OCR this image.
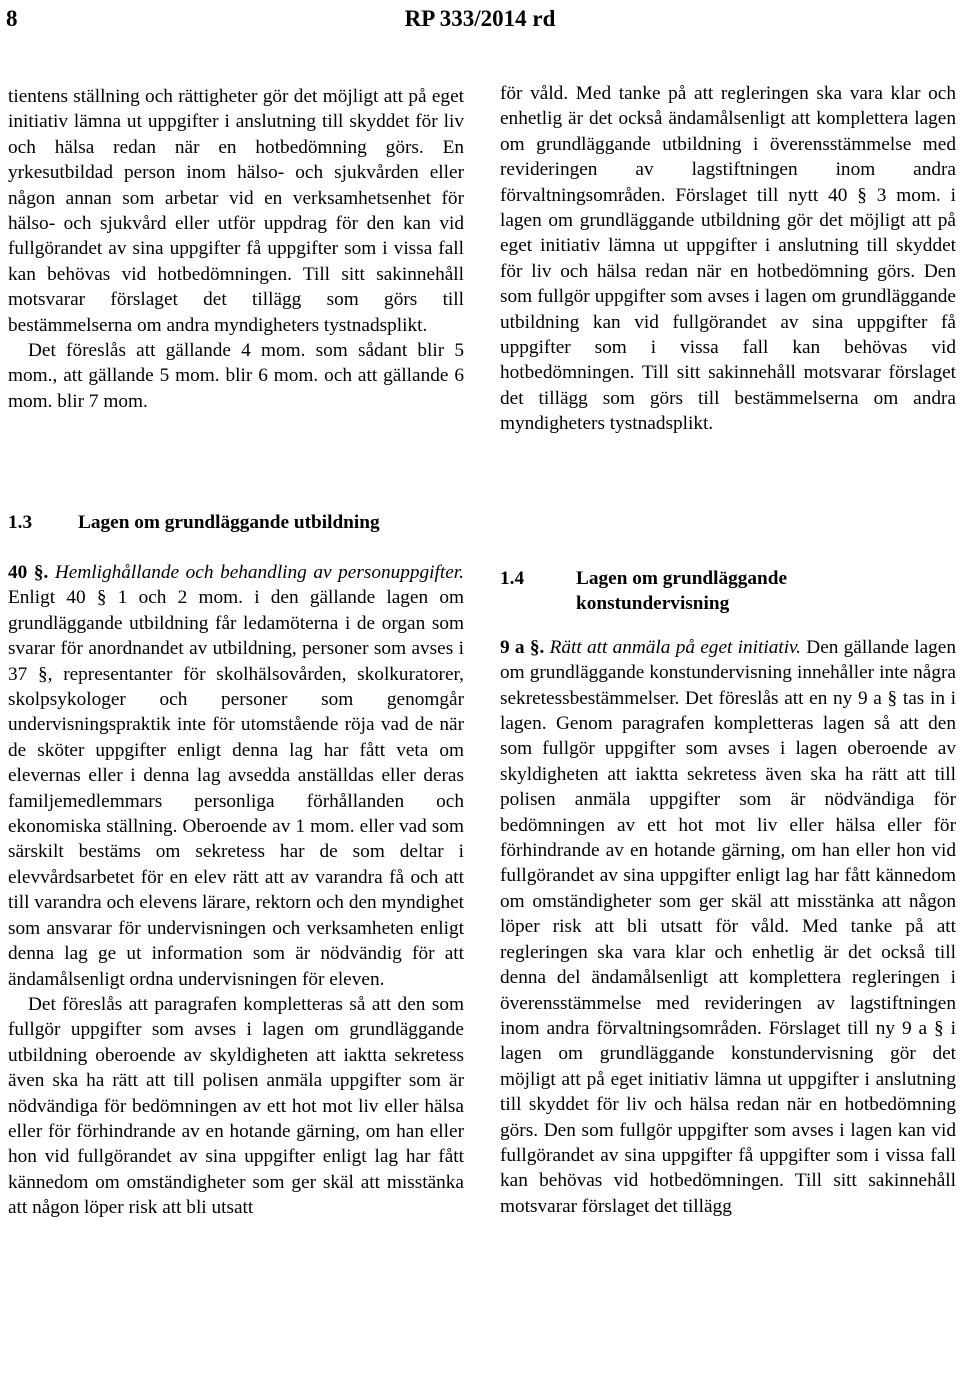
8	RP 333/2014 rd

tientens ställning och rättigheter gör det möjligt att på eget initiativ lämna ut uppgifter i anslutning till skyddet för liv och hälsa redan när en hotbedömning görs. En yrkesutbildad person inom hälso- och sjukvården eller någon annan som arbetar vid en verksamhetsenhet för hälso- och sjukvård eller utför uppdrag för den kan vid fullgörandet av sina uppgifter få uppgifter som i vissa fall kan behövas vid hotbedömningen. Till sitt sakinnehåll motsvarar förslaget det tillägg som görs till bestämmelserna om andra myndigheters tystnadsplikt.

Det föreslås att gällande 4 mom. som sådant blir 5 mom., att gällande 5 mom. blir 6 mom. och att gällande 6 mom. blir 7 mom.

1.3 Lagen om grundläggande utbildning

40 §. Hemlighållande och behandling av personuppgifter. Enligt 40 § 1 och 2 mom. i den gällande lagen om grundläggande utbildning får ledamöterna i de organ som svarar för anordnandet av utbildning, personer som avses i 37 §, representanter för skolhälsovården, skolkuratorer, skolpsykologer och personer som genomgår undervisningspraktik inte för utomstående röja vad de när de sköter uppgifter enligt denna lag har fått veta om elevernas eller i denna lag avsedda anställdas eller deras familjemedlemmars personliga förhållanden och ekonomiska ställning. Oberoende av 1 mom. eller vad som särskilt bestäms om sekretess har de som deltar i elevvårdsarbetet för en elev rätt att av varandra få och att till varandra och elevens lärare, rektorn och den myndighet som ansvarar för undervisningen och verksamheten enligt denna lag ge ut information som är nödvändig för att ändamålsenligt ordna undervisningen för eleven.

Det föreslås att paragrafen kompletteras så att den som fullgör uppgifter som avses i lagen om grundläggande utbildning oberoende av skyldigheten att iaktta sekretess även ska ha rätt att till polisen anmäla uppgifter som är nödvändiga för bedömningen av ett hot mot liv eller hälsa eller för förhindrande av en hotande gärning, om han eller hon vid fullgörandet av sina uppgifter enligt lag har fått kännedom om omständigheter som ger skäl att misstänka att någon löper risk att bli utsatt

för våld. Med tanke på att regleringen ska vara klar och enhetlig är det också ändamålsenligt att komplettera lagen om grundläggande utbildning i överensstämmelse med revideringen av lagstiftningen inom andra förvaltningsområden. Förslaget till nytt 40 § 3 mom. i lagen om grundläggande utbildning gör det möjligt att på eget initiativ lämna ut uppgifter i anslutning till skyddet för liv och hälsa redan när en hotbedömning görs. Den som fullgör uppgifter som avses i lagen om grundläggande utbildning kan vid fullgörandet av sina uppgifter få uppgifter som i vissa fall kan behövas vid hotbedömningen. Till sitt sakinnehåll motsvarar förslaget det tillägg som görs till bestämmelserna om andra myndigheters tystnadsplikt.

1.4	Lagen om grundläggande konstundervisning

9 a §. Rätt att anmäla på eget initiativ. Den gällande lagen om grundläggande konstundervisning innehåller inte några sekretessbestämmelser. Det föreslås att en ny 9 a § tas in i lagen. Genom paragrafen kompletteras lagen så att den som fullgör uppgifter som avses i lagen oberoende av skyldigheten att iaktta sekretess även ska ha rätt att till polisen anmäla uppgifter som är nödvändiga för bedömningen av ett hot mot liv eller hälsa eller för förhindrande av en hotande gärning, om han eller hon vid fullgörandet av sina uppgifter enligt lag har fått kännedom om omständigheter som ger skäl att misstänka att någon löper risk att bli utsatt för våld. Med tanke på att regleringen ska vara klar och enhetlig är det också till denna del ändamålsenligt att komplettera regleringen i överensstämmelse med revideringen av lagstiftningen inom andra förvaltningsområden. Förslaget till ny 9 a § i lagen om grundläggande konstundervisning gör det möjligt att på eget initiativ lämna ut uppgifter i anslutning till skyddet för liv och hälsa redan när en hotbedömning görs. Den som fullgör uppgifter som avses i lagen kan vid fullgörandet av sina uppgifter få uppgifter som i vissa fall kan behövas vid hotbedömningen. Till sitt sakinnehåll motsvarar förslaget det tillägg
